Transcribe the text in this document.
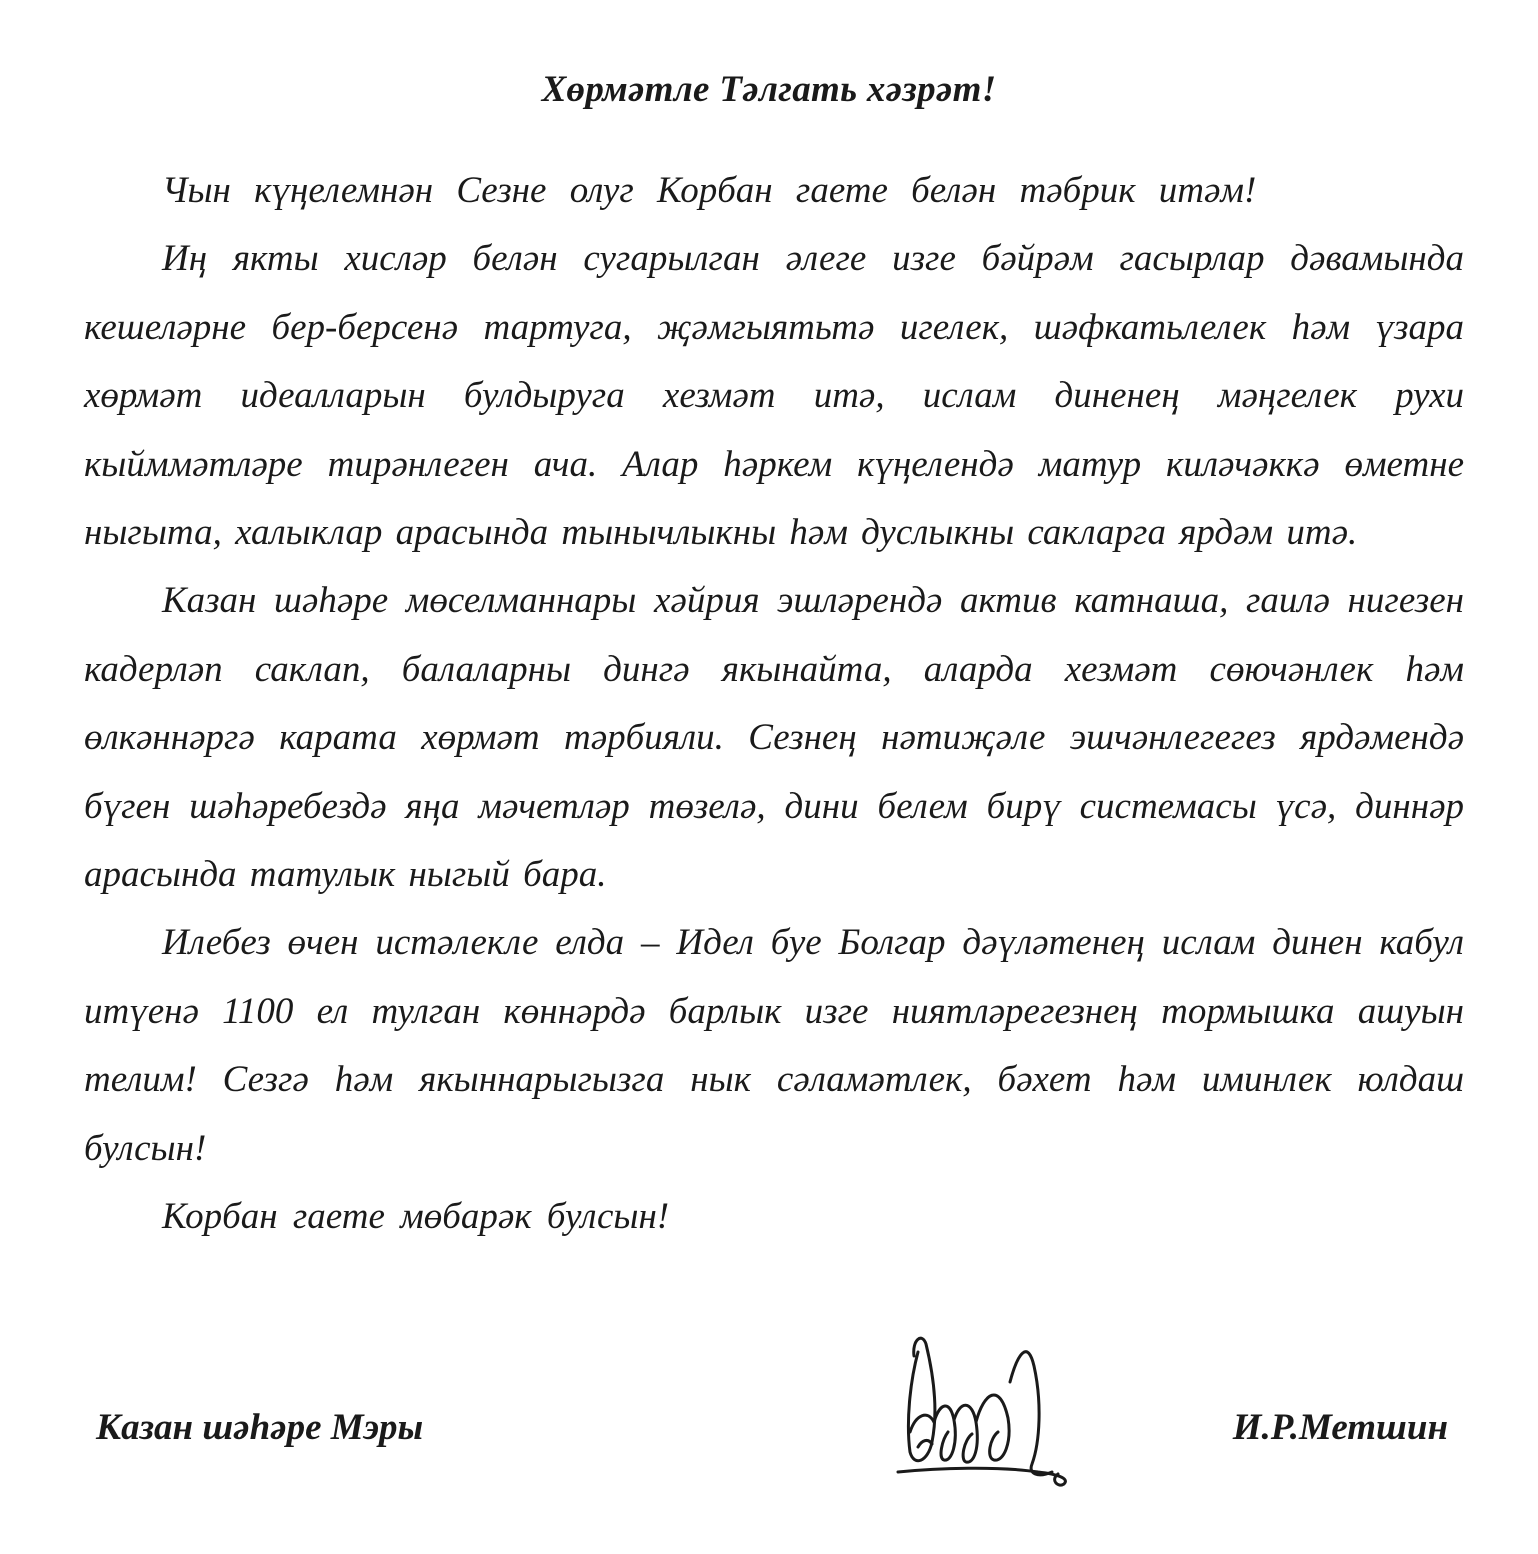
Хөрмәтле Тәлгать хәзрәт!

Чын күңелемнән Сезне олуг Корбан гаете белән тәбрик итәм!

Иң якты хисләр белән сугарылган әлеге изге бәйрәм гасырлар дәвамында кешеләрне бер-берсенә тартуга, җәмгыятьтә игелек, шәфкатьлелек һәм үзара хөрмәт идеалларын булдыруга хезмәт итә, ислам диненең мәңгелек рухи кыйммәтләре тирәнлеген ача. Алар һәркем күңелендә матур киләчәккә өметне ныгыта, халыклар арасында тынычлыкны һәм дуслыкны сакларга ярдәм итә.

Казан шәһәре мөселманнары хәйрия эшләрендә актив катнаша, гаилә нигезен кадерләп саклап, балаларны дингә якынайта, аларда хезмәт сөючәнлек һәм өлкәннәргә карата хөрмәт тәрбияли. Сезнең нәтиҗәле эшчәнлегегез ярдәмендә бүген шәһәребездә яңа мәчетләр төзелә, дини белем бирү системасы үсә, диннәр арасында татулык ныгый бара.

Илебез өчен истәлекле елда – Идел буе Болгар дәүләтенең ислам динен кабул итүенә 1100 ел тулган көннәрдә барлык изге ниятләрегезнең тормышка ашуын телим! Сезгә һәм якыннарыгызга нык сәламәтлек, бәхет һәм иминлек юлдаш булсын!

Корбан гаете мөбарәк булсын!

Казан шәһәре Мэры	И.Р.Метшин
